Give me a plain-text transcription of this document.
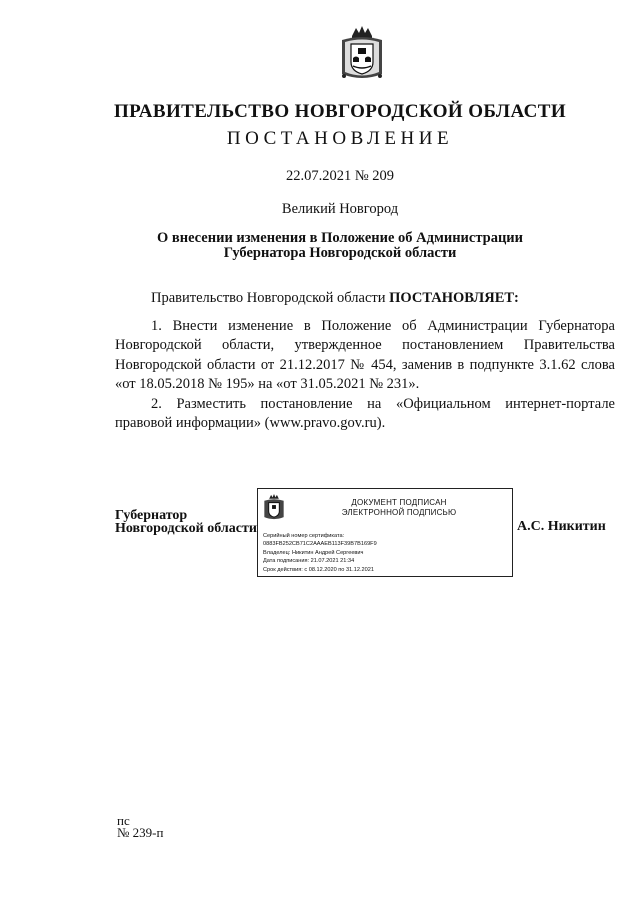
ПРАВИТЕЛЬСТВО НОВГОРОДСКОЙ ОБЛАСТИ
ПОСТАНОВЛЕНИЕ
22.07.2021 № 209
Великий Новгород
О внесении изменения в Положение об Администрации
Губернатора Новгородской области

Правительство Новгородской области ПОСТАНОВЛЯЕТ:

1. Внести изменение в Положение об Администрации Губернатора Новгородской области, утвержденное постановлением Правительства Новгородской области от 21.12.2017 № 454, заменив в подпункте 3.1.62 слова «от 18.05.2018 № 195» на «от 31.05.2021 № 231».

2. Разместить постановление на «Официальном интернет-портале правовой информации» (www.pravo.gov.ru).

Губернатор
Новгородской области
ДОКУМЕНТ ПОДПИСАН
ЭЛЕКТРОННОЙ ПОДПИСЬЮ
Серийный номер сертификата:
0883FB252CB71C2AAAEB113F39B7B169F9
Владелец: Никитин Андрей Сергеевич
Дата подписания: 21.07.2021 21:34
Срок действия: с 08.12.2020 по 31.12.2021
А.С. Никитин
пс
№ 239-п
